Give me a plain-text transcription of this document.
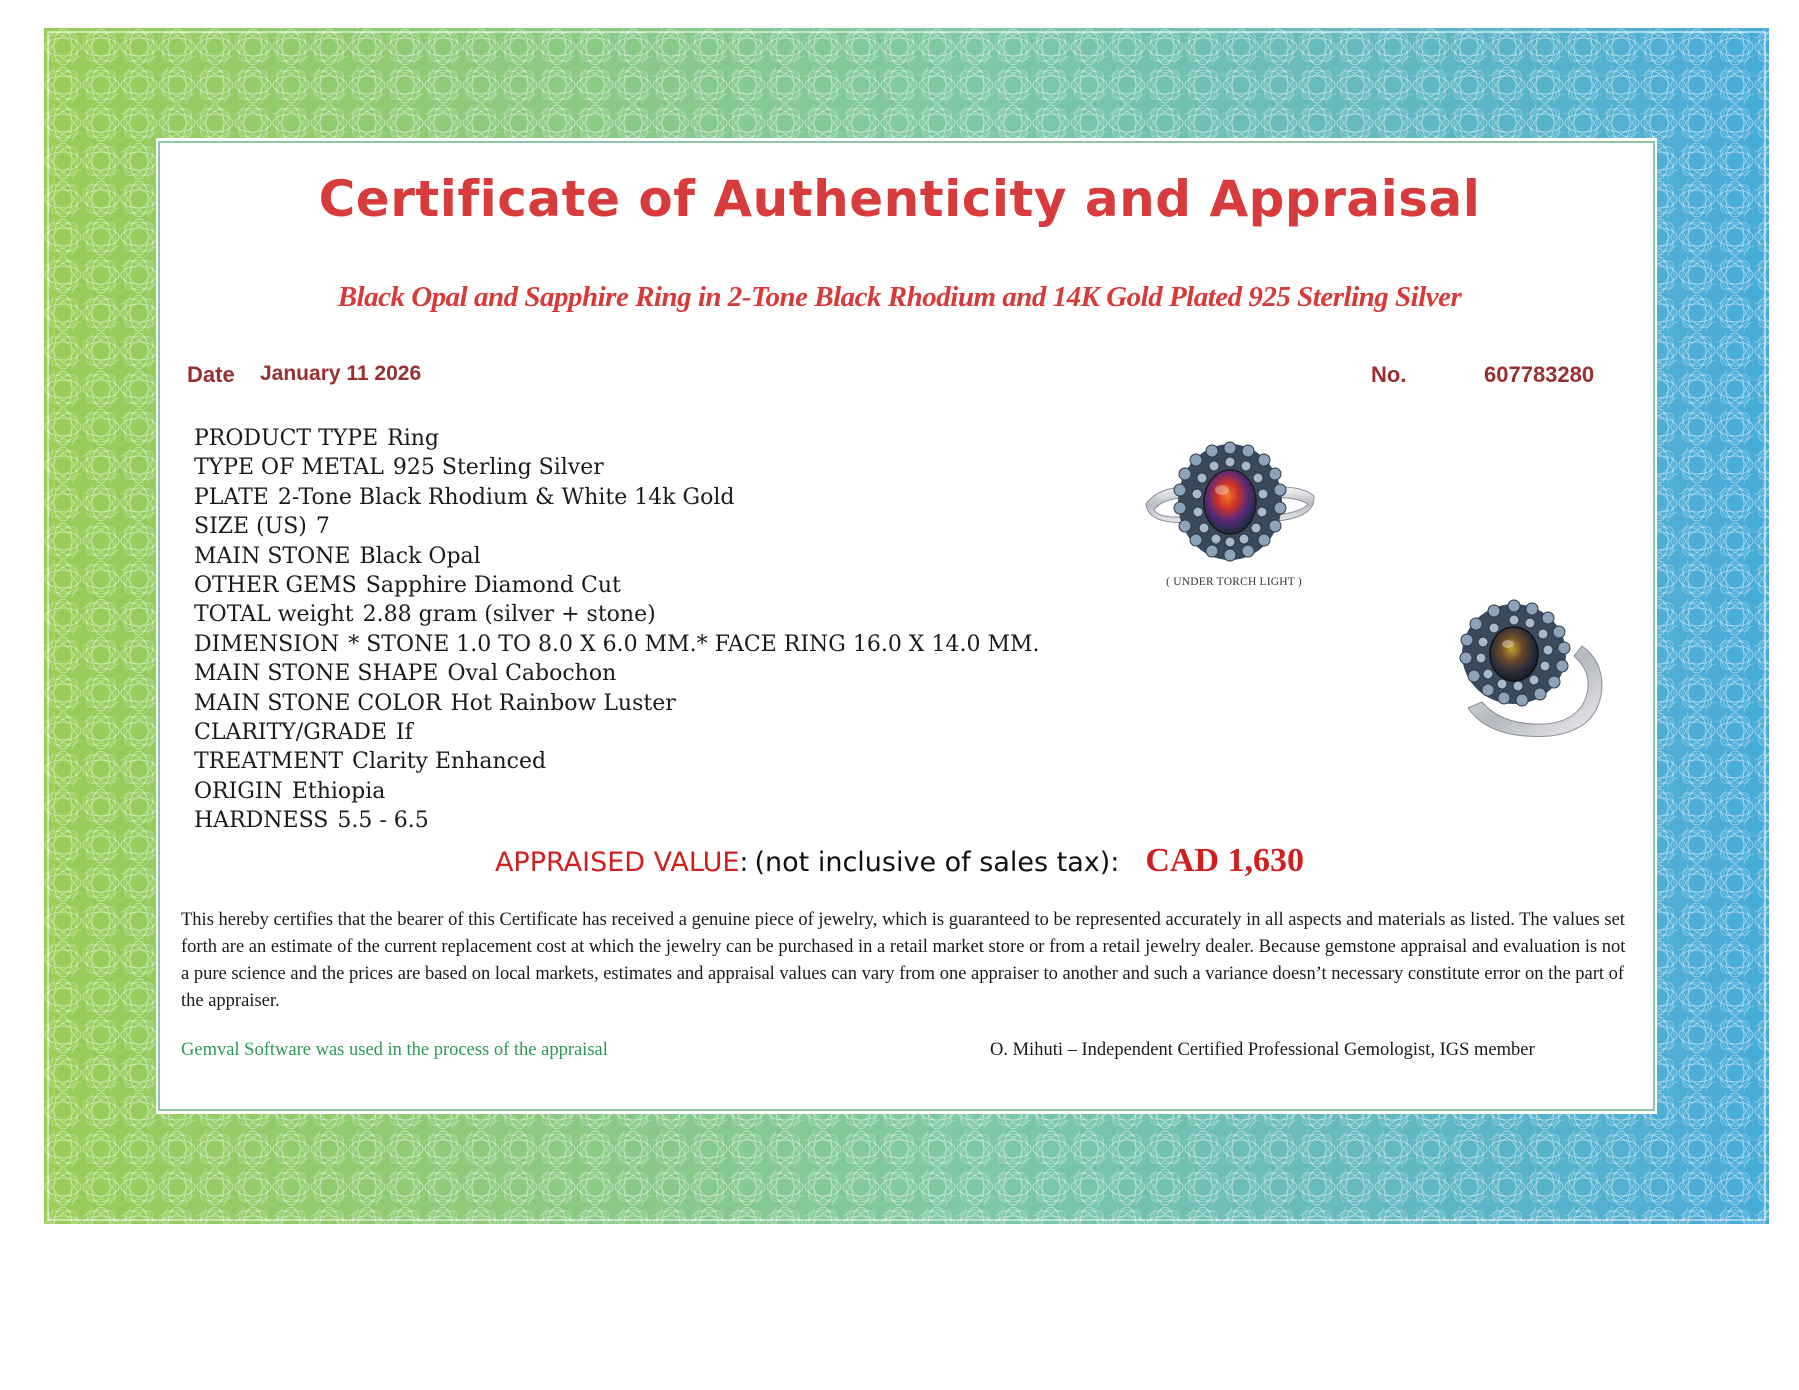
Certificate of Authenticity and Appraisal
Black Opal and Sapphire Ring in 2-Tone Black Rhodium and 14K Gold Plated 925 Sterling Silver
Date January 11 2026	No.	607783280
PRODUCT TYPE Ring
TYPE OF METAL 925 Sterling Silver
PLATE 2-Tone Black Rhodium & White 14k Gold
SIZE (US) 7
MAIN STONE Black Opal
OTHER GEMS Sapphire Diamond Cut
TOTAL weight 2.88 gram (silver + stone)
DIMENSION * STONE 1.0 TO 8.0 X 6.0 MM.* FACE RING 16.0 X 14.0 MM.
MAIN STONE SHAPE Oval Cabochon
MAIN STONE COLOR Hot Rainbow Luster
CLARITY/GRADE If
TREATMENT Clarity Enhanced
ORIGIN Ethiopia
HARDNESS 5.5 - 6.5
( UNDER TORCH LIGHT )
APPRAISED VALUE: (not inclusive of sales tax): CAD 1,630
This hereby certifies that the bearer of this Certificate has received a genuine piece of jewelry, which is guaranteed to be represented accurately in all aspects and materials as listed. The values set forth are an estimate of the current replacement cost at which the jewelry can be purchased in a retail market store or from a retail jewelry dealer. Because gemstone appraisal and evaluation is not a pure science and the prices are based on local markets, estimates and appraisal values can vary from one appraiser to another and such a variance doesn’t necessary constitute error on the part of the appraiser.
Gemval Software was used in the process of the appraisal	O. Mihuti – Independent Certified Professional Gemologist, IGS member
